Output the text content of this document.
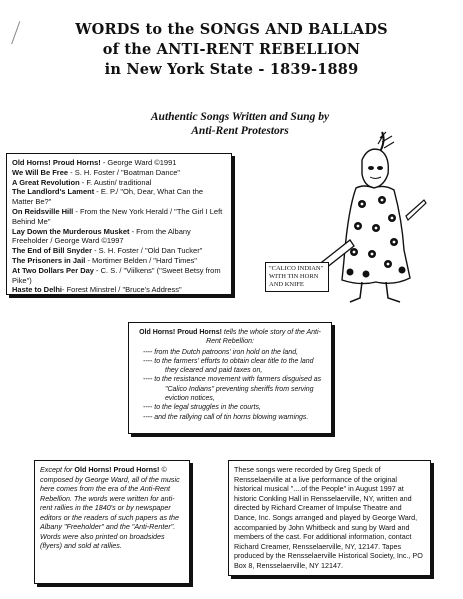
WORDS to the SONGS AND BALLADS
of the ANTI-RENT REBELLION
in New York State - 1839-1889
Authentic Songs Written and Sung by
Anti-Rent Protestors

Old Horns! Proud Horns! - George Ward ©1991

We Will Be Free - S. H. Foster / "Boatman Dance"

A Great Revolution - F. Austin/ traditional

The Landlord's Lament - E. P./ "Oh, Dear, What Can the Matter Be?"

On Reidsville Hill - From the New York Herald / "The Girl I Left Behind Me"

Lay Down the Murderous Musket - From the Albany Freeholder / George Ward ©1997

The End of Bill Snyder - S. H. Foster / "Old Dan Tucker"

The Prisoners in Jail - Mortimer Belden / "Hard Times"

At Two Dollars Per Day - C. S. / "Viilkens" ("Sweet Betsy from Pike")

Haste to Delhi- Forest Minstrel / "Bruce's Address"

"CALICO INDIAN"
WITH TIN HORN
AND KNIFE
Old Horns! Proud Horns! tells the whole story of the Anti-Rent Rebellion:

---- from the Dutch patroons' iron hold on the land,

---- to the farmers' efforts to obtain clear title to the land they cleared and paid taxes on,

---- to the resistance movement with farmers disguised as "Calico Indians" preventing sheriffs from serving eviction notices,

---- to the legal struggles in the courts,

---- and the rallying call of tin horns blowing warnings.

Except for Old Horns! Proud Horns! © composed by George Ward, all of the music here comes from the era of the Anti-Rent Rebellion. The words were written for anti-rent rallies in the 1840's or by newspaper editors or the readers of such papers as the Albany "Freeholder" and the "Anti-Renter". Words were also printed on broadsides (flyers) and sold at rallies.
These songs were recorded by Greg Speck of Rensselaerville at a live performance of the original historical musical "....of the People" in August 1997 at historic Conkling Hall in Rensselaerville, NY, written and directed by Richard Creamer of Impulse Theatre and Dance, Inc. Songs arranged and played by George Ward, accompanied by John Whitbeck and sung by Ward and members of the cast. For additional information, contact Richard Creamer, Rensselaerville, NY, 12147. Tapes produced by the Rensselaerville Historical Society, Inc., PO Box 8, Rensselaerville, NY 12147.
